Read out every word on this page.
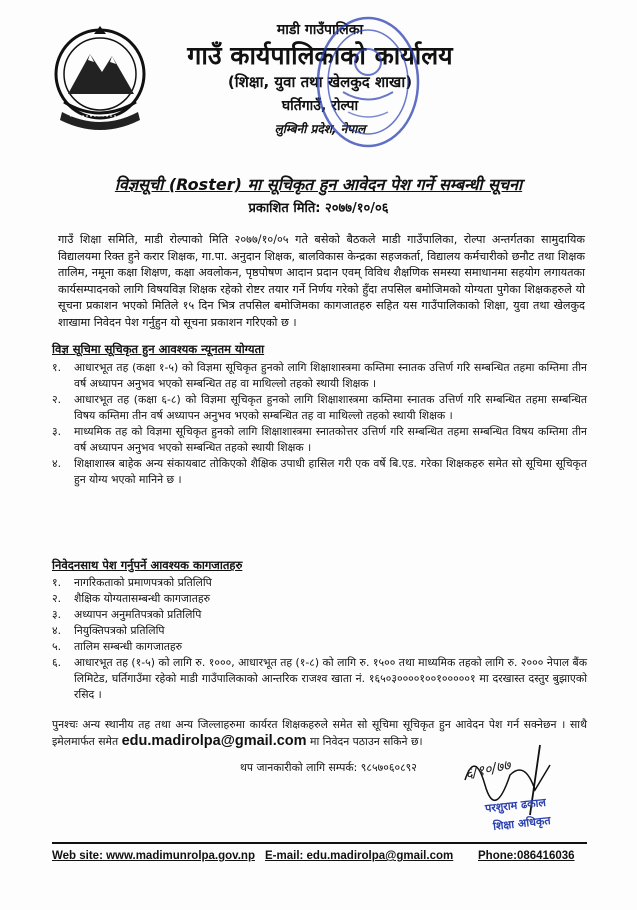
माडी गाउँपालिका
गाउँ कार्यपालिकाको कार्यालय
(शिक्षा, युवा तथा खेलकुद शाखा)
घर्तिगाउँ, रोल्पा
लुम्बिनी प्रदेश, नेपाल
विज्ञसूची (Roster) मा सूचिकृत हुन आवेदन पेश गर्ने सम्बन्धी सूचना
प्रकाशित मिति: २०७७/१०/०६

गाउँ शिक्षा समिति, माडी रोल्पाको मिति २०७७/१०/०५ गते बसेको बैठकले माडी गाउँपालिका, रोल्पा अन्तर्गतका सामुदायिक विद्यालयमा रिक्त हुने करार शिक्षक, गा.पा. अनुदान शिक्षक, बालविकास केन्द्रका सहजकर्ता, विद्यालय कर्मचारीको छनौट तथा शिक्षक तालिम, नमूना कक्षा शिक्षण, कक्षा अवलोकन, पृष्ठपोषण आदान प्रदान एवम् विविध शैक्षणिक समस्या समाधानमा सहयोग लगायतका कार्यसम्पादनको लागि विषयविज्ञ शिक्षक रहेको रोष्टर तयार गर्ने निर्णय गरेको हुँदा तपसिल बमोजिमको योग्यता पुगेका शिक्षकहरुले यो सूचना प्रकाशन भएको मितिले १५ दिन भित्र तपसिल बमोजिमका कागजातहरु सहित यस गाउँपालिकाको शिक्षा, युवा तथा खेलकुद शाखामा निवेदन पेश गर्नुहुन यो सूचना प्रकाशन गरिएको छ ।

विज्ञ सूचिमा सूचिकृत हुन आवश्यक न्यूनतम योग्यता

१.	आधारभूत तह (कक्षा १-५) को विज्ञमा सूचिकृत हुनको लागि शिक्षाशास्त्रमा कम्तिमा स्नातक उत्तिर्ण गरि सम्बन्धित तहमा कम्तिमा तीन वर्ष अध्यापन अनुभव भएको सम्बन्धित तह वा माथिल्लो तहको स्थायी शिक्षक ।
२.	आधारभूत तह (कक्षा ६-८) को विज्ञमा सूचिकृत हुनको लागि शिक्षाशास्त्रमा कम्तिमा स्नातक उत्तिर्ण गरि सम्बन्धित तहमा सम्बन्धित विषय कम्तिमा तीन वर्ष अध्यापन अनुभव भएको सम्बन्धित तह वा माथिल्लो तहको स्थायी शिक्षक ।
३.	माध्यमिक तह को विज्ञमा सूचिकृत हुनको लागि शिक्षाशास्त्रमा स्नातकोत्तर उत्तिर्ण गरि सम्बन्धित तहमा सम्बन्धित विषय कम्तिमा तीन वर्ष अध्यापन अनुभव भएको सम्बन्धित तहको स्थायी शिक्षक ।
४.	शिक्षाशास्त्र बाहेक अन्य संकायबाट तोकिएको शैक्षिक उपाधी हासिल गरी एक वर्षे बि.एड. गरेका शिक्षकहरु समेत सो सूचिमा सूचिकृत हुन योग्य भएको मानिने छ ।

निवेदनसाथ पेश गर्नुपर्ने आवश्यक कागजातहरु

१.	नागरिकताको प्रमाणपत्रको प्रतिलिपि
२.	शैक्षिक योग्यतासम्बन्धी कागजातहरु
३.	अध्यापन अनुमतिपत्रको प्रतिलिपि
४.	नियुक्तिपत्रको प्रतिलिपि
५.	तालिम सम्बन्धी कागजातहरु
६.	आधारभूत तह (१-५) को लागि रु. १०००, आधारभूत तह (१-८) को लागि रु. १५०० तथा माध्यमिक तहको लागि रु. २००० नेपाल बैंक लिमिटेड, घर्तिगाउँमा रहेको माडी गाउँपालिकाको आन्तरिक राजश्व खाता नं. १६५०३००००१००१०००००१ मा दरखास्त दस्तुर बुझाएको रसिद ।

पुनश्चः अन्य स्थानीय तह तथा अन्य जिल्लाहरुमा कार्यरत शिक्षकहरुले समेत सो सूचिमा सूचिकृत हुन आवेदन पेश गर्न सक्नेछन । साथै इमेलमार्फत समेत edu.madirolpa@gmail.com मा निवेदन पठाउन सकिने छ।

थप जानकारीको लागि सम्पर्क: ९८५७०६०८९२	६/१०/७७
परशुराम ढकाल
शिक्षा अधिकृत
Web site: www.madimunrolpa.gov.np E-mail: edu.madirolpa@gmail.com Phone:086416036
